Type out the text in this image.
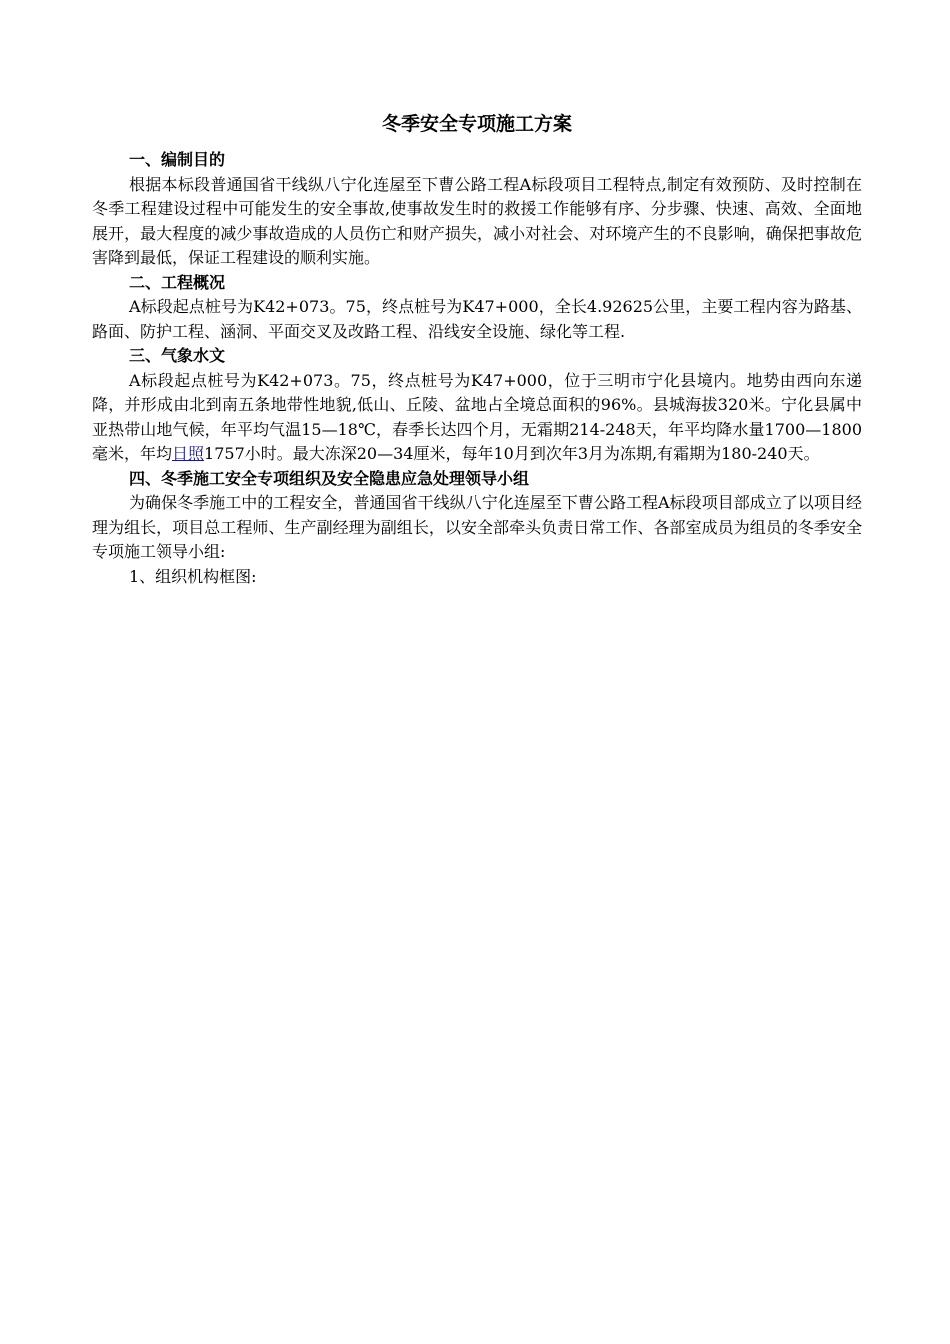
冬季安全专项施工方案
一、编制目的

根据本标段普通国省干线纵八宁化连屋至下曹公路工程A标段项目工程特点,制定有效预防、及时控制在冬季工程建设过程中可能发生的安全事故,使事故发生时的救援工作能够有序、分步骤、快速、高效、全面地展开，最大程度的减少事故造成的人员伤亡和财产损失，减小对社会、对环境产生的不良影响，确保把事故危害降到最低，保证工程建设的顺利实施。

二、工程概况

A标段起点桩号为K42+073。75，终点桩号为K47+000，全长4.92625公里，主要工程内容为路基、路面、防护工程、涵洞、平面交叉及改路工程、沿线安全设施、绿化等工程.

三、气象水文

A标段起点桩号为K42+073。75，终点桩号为K47+000，位于三明市宁化县境内。地势由西向东递降，并形成由北到南五条地带性地貌,低山、丘陵、盆地占全境总面积的96%。县城海拔320米。宁化县属中亚热带山地气候，年平均气温15—18℃，春季长达四个月，无霜期214-248天，年平均降水量1700—1800毫米，年均日照1757小时。最大冻深20—34厘米，每年10月到次年3月为冻期,有霜期为180-240天。

四、冬季施工安全专项组织及安全隐患应急处理领导小组

为确保冬季施工中的工程安全，普通国省干线纵八宁化连屋至下曹公路工程A标段项目部成立了以项目经理为组长，项目总工程师、生产副经理为副组长，以安全部牵头负责日常工作、各部室成员为组员的冬季安全专项施工领导小组:

1、组织机构框图:
